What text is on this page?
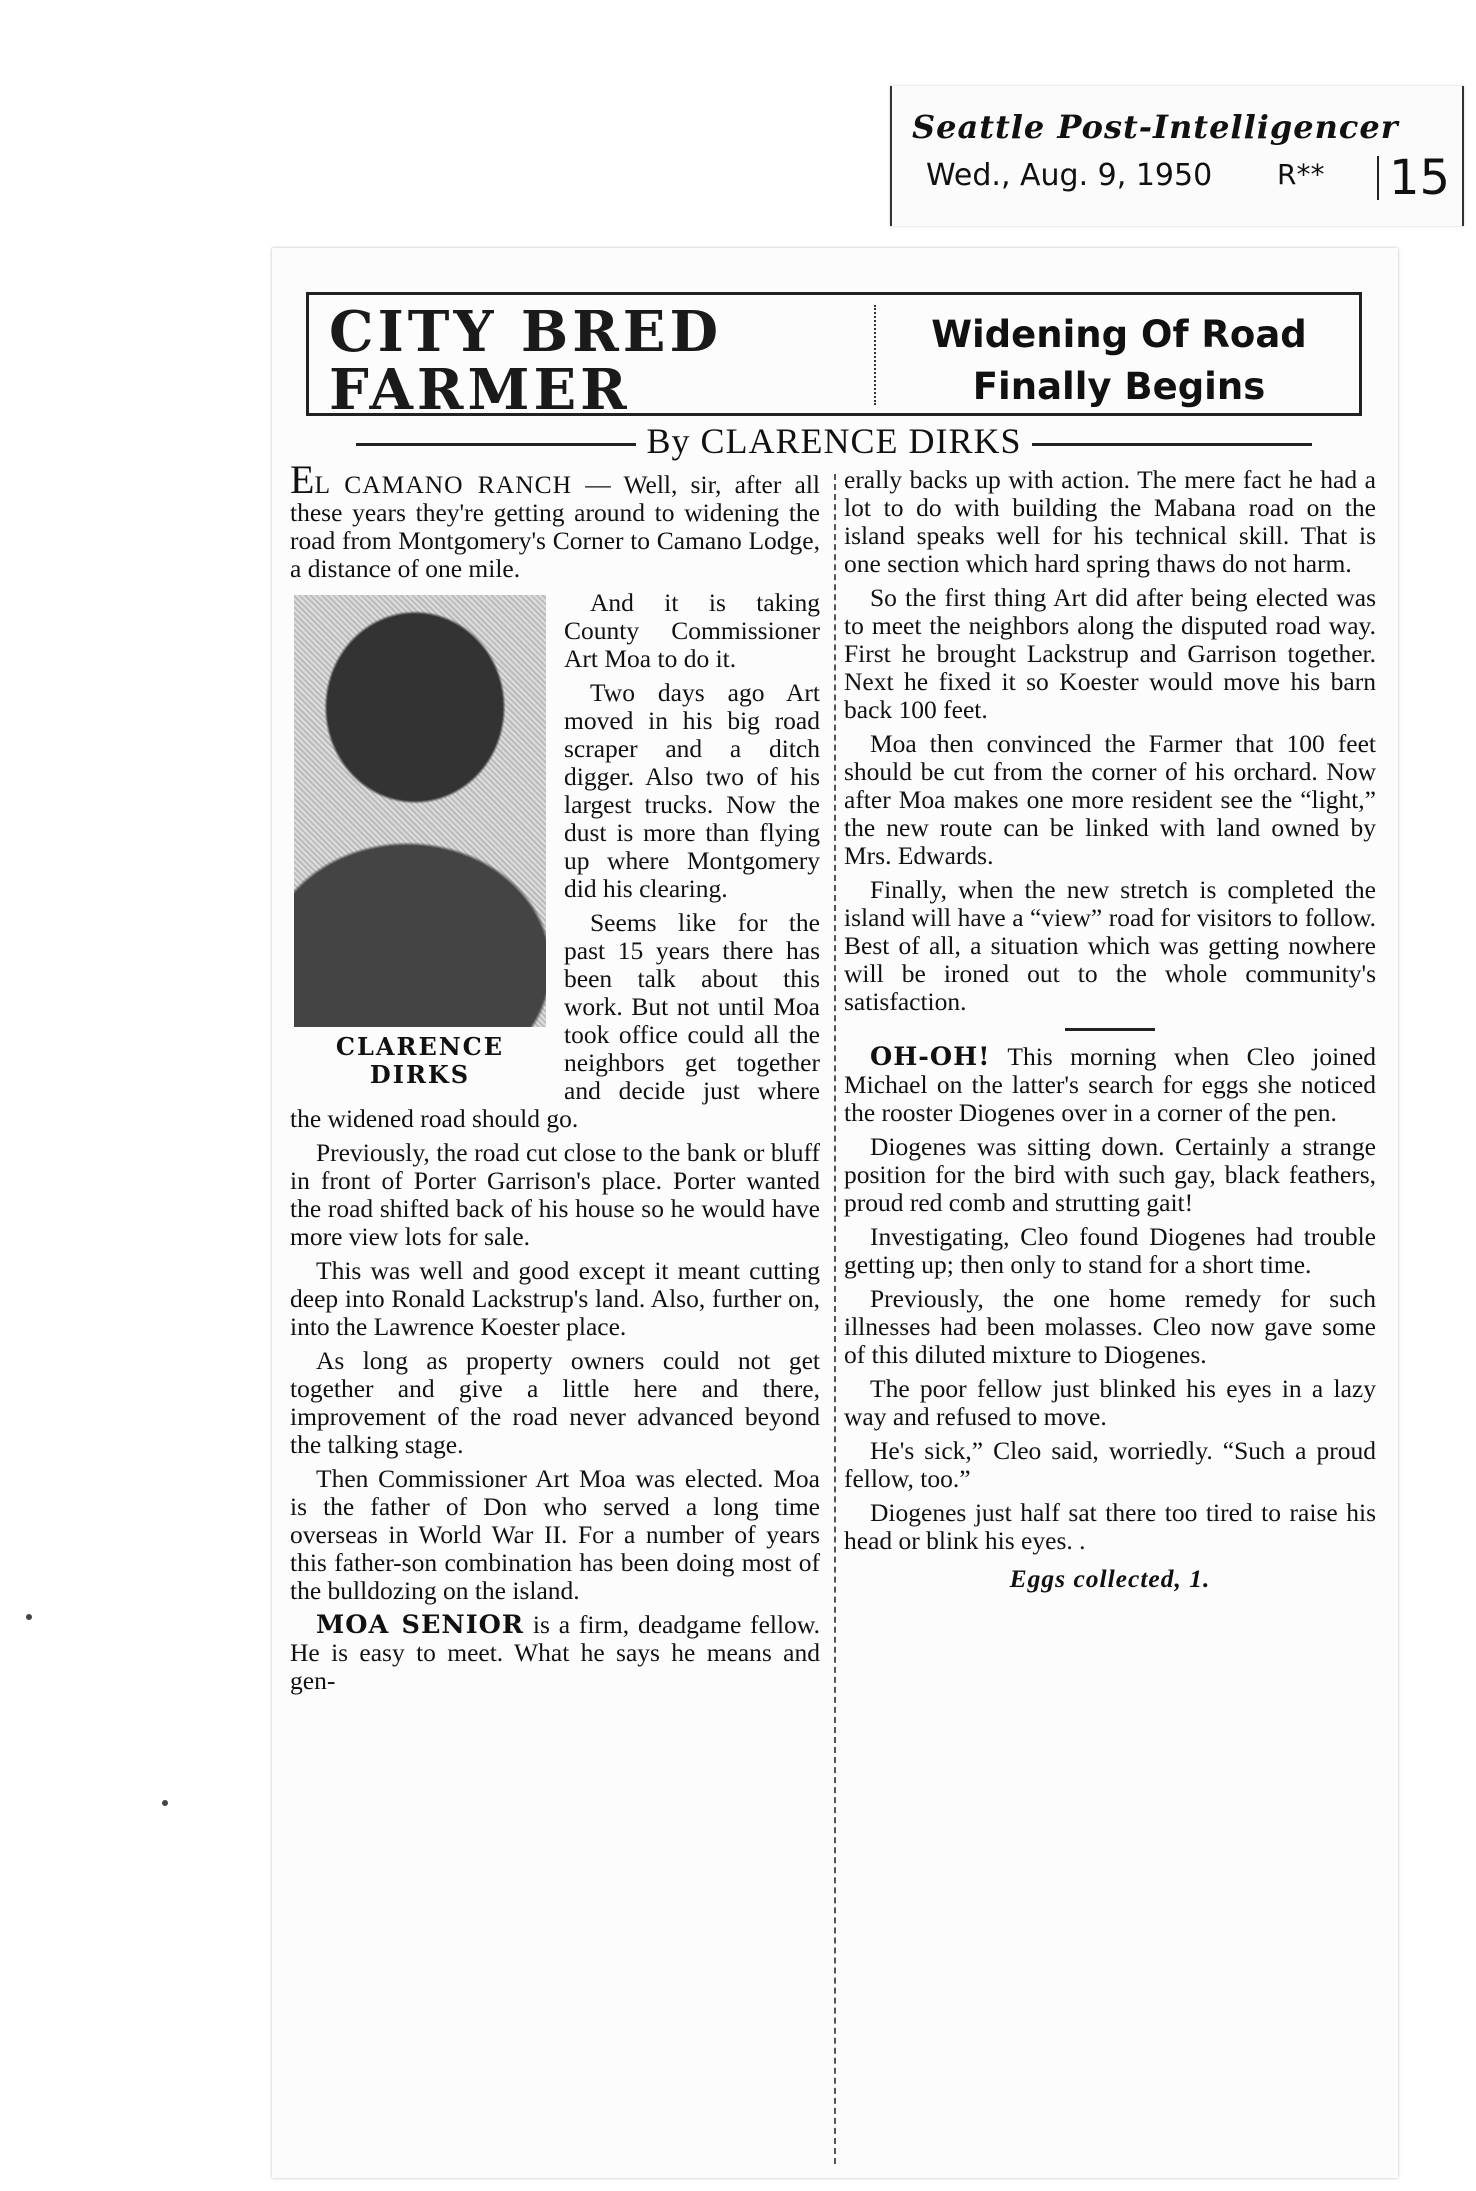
Seattle Post-Intelligencer
Wed., Aug. 9, 1950 R** 15
CITY BRED
FARMER
Widening Of Road
Finally Begins
By CLARENCE DIRKS

EL CAMANO RANCH — Well, sir, after all these years they're getting around to widening the road from Montgomery's Corner to Camano Lodge, a distance of one mile.

CLARENCE
DIRKS

And it is taking County Commissioner Art Moa to do it.

Two days ago Art moved in his big road scraper and a ditch digger. Also two of his largest trucks. Now the dust is more than flying up where Montgomery did his clearing.

Seems like for the past 15 years there has been talk about this work. But not until Moa took office could all the neighbors get together and decide just where the widened road should go.

Previously, the road cut close to the bank or bluff in front of Porter Garrison's place. Porter wanted the road shifted back of his house so he would have more view lots for sale.

This was well and good except it meant cutting deep into Ronald Lackstrup's land. Also, further on, into the Lawrence Koester place.

As long as property owners could not get together and give a little here and there, improvement of the road never advanced beyond the talking stage.

Then Commissioner Art Moa was elected. Moa is the father of Don who served a long time overseas in World War II. For a number of years this father-son combination has been doing most of the bulldozing on the island.

MOA SENIOR is a firm, deadgame fellow. He is easy to meet. What he says he means and gen-

erally backs up with action. The mere fact he had a lot to do with building the Mabana road on the island speaks well for his technical skill. That is one section which hard spring thaws do not harm.

So the first thing Art did after being elected was to meet the neighbors along the disputed road way. First he brought Lackstrup and Garrison together. Next he fixed it so Koester would move his barn back 100 feet.

Moa then convinced the Farmer that 100 feet should be cut from the corner of his orchard. Now after Moa makes one more resident see the “light,” the new route can be linked with land owned by Mrs. Edwards.

Finally, when the new stretch is completed the island will have a “view” road for visitors to follow. Best of all, a situation which was getting nowhere will be ironed out to the whole community's satisfaction.

OH-OH! This morning when Cleo joined Michael on the latter's search for eggs she noticed the rooster Diogenes over in a corner of the pen.

Diogenes was sitting down. Certainly a strange position for the bird with such gay, black feathers, proud red comb and strutting gait!

Investigating, Cleo found Diogenes had trouble getting up; then only to stand for a short time.

Previously, the one home remedy for such illnesses had been molasses. Cleo now gave some of this diluted mixture to Diogenes.

The poor fellow just blinked his eyes in a lazy way and refused to move.

He's sick,” Cleo said, worriedly. “Such a proud fellow, too.”

Diogenes just half sat there too tired to raise his head or blink his eyes. .

Eggs collected, 1.
